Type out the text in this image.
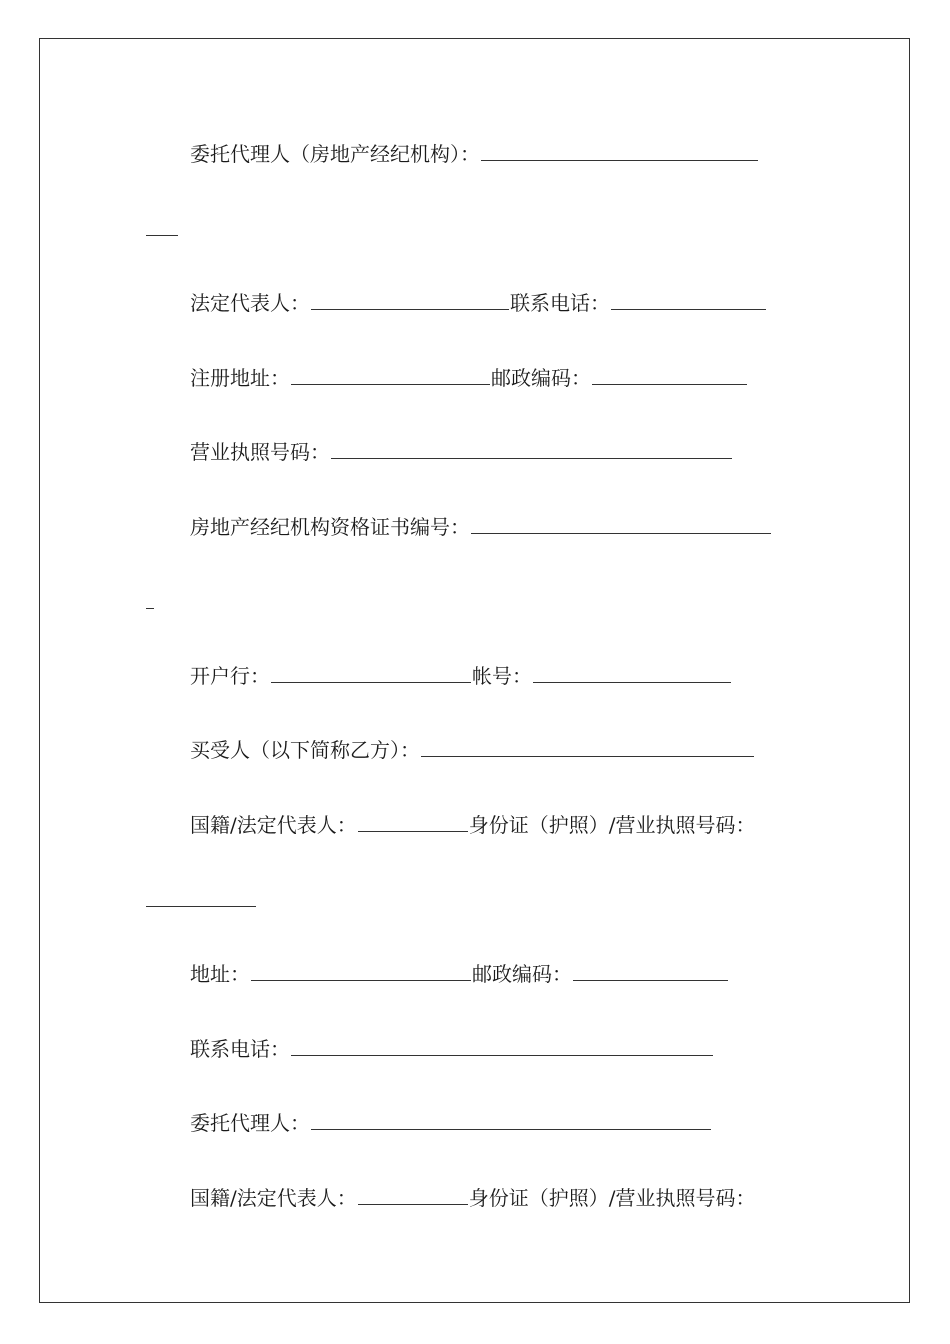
委托代理人（房地产经纪机构）：
法定代表人：	联系电话：
注册地址：	邮政编码：
营业执照号码：
房地产经纪机构资格证书编号：
开户行：	帐号：
买受人（以下简称乙方）：
国籍/法定代表人：	身份证（护照）/营业执照号码：
地址：	邮政编码：
联系电话：
委托代理人：
国籍/法定代表人：	身份证（护照）/营业执照号码：
